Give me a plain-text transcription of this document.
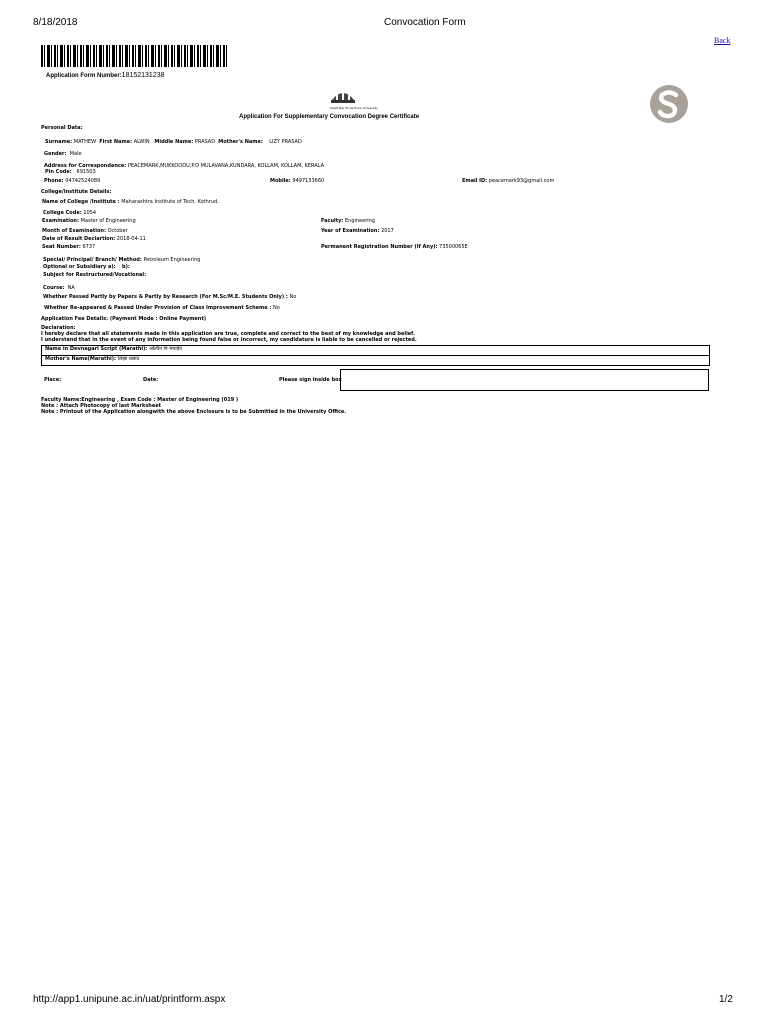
8/18/2018	Convocation Form
Back
Application Form Number:18152131238
Savitribai Phule Pune University
Application For Supplementary Convocation Degree Certificate
Personal Data:
Surname: MATHEW First Name: ALWIN Middle Name: PRASAD Mother's Name: LIZY PRASAD
Gender: Male
Address for Correspondence: PEACEMARK,MUKKOODU,P.O MULAVANA,KUNDARA, KOLLAM, KOLLAM, KERALA
Pin Code: 691503
Phone: 04742524089	Mobile: 9497133660	Email ID: peacemark93@gmail.com
College/Institute Details:
Name of College /Institute : Maharashtra Institute of Tech. Kothrud,
College Code: 1054
Examination: Master of Engineering	Faculty: Engineering
Month of Examination: October	Year of Examination: 2017
Date of Result Declartion: 2018-04-11
Seat Number: 6737	Permanent Registration Number (If Any): 73500065E
Special/ Principal/ Branch/ Method: Petroleum Engineering
Optional or Subsidiary a): b):
Subject for Restructured/Vocational:
Course: NA
Whether Passed Partly by Papers & Partly by Research (For M.Sc/M.E. Students Only) : No
Whether Re-appeared & Passed Under Provision of Class Improvement Scheme : No
Application Fee Details: (Payment Mode : Online Payment)
Declaration:
I hereby declare that all statements made in this application are true, complete and correct to the best of my knowledge and belief.
I understand that in the event of any information being found false or incorrect, my candidature is liable to be cancelled or rejected.
Name in Devnagari Script (Marathi): अल्विन पि मथाईव
Mother's Name(Marathi): लिझा प्रसाद
Place:	Date:	Please sign inside box
Faculty Name:Engineering , Exam Code : Master of Engineering (019 )
Note : Attach Photocopy of last Marksheet
Note : Printout of the Application alongwith the above Enclosure is to be Submitted in the University Office.
http://app1.unipune.ac.in/uat/printform.aspx	1/2
